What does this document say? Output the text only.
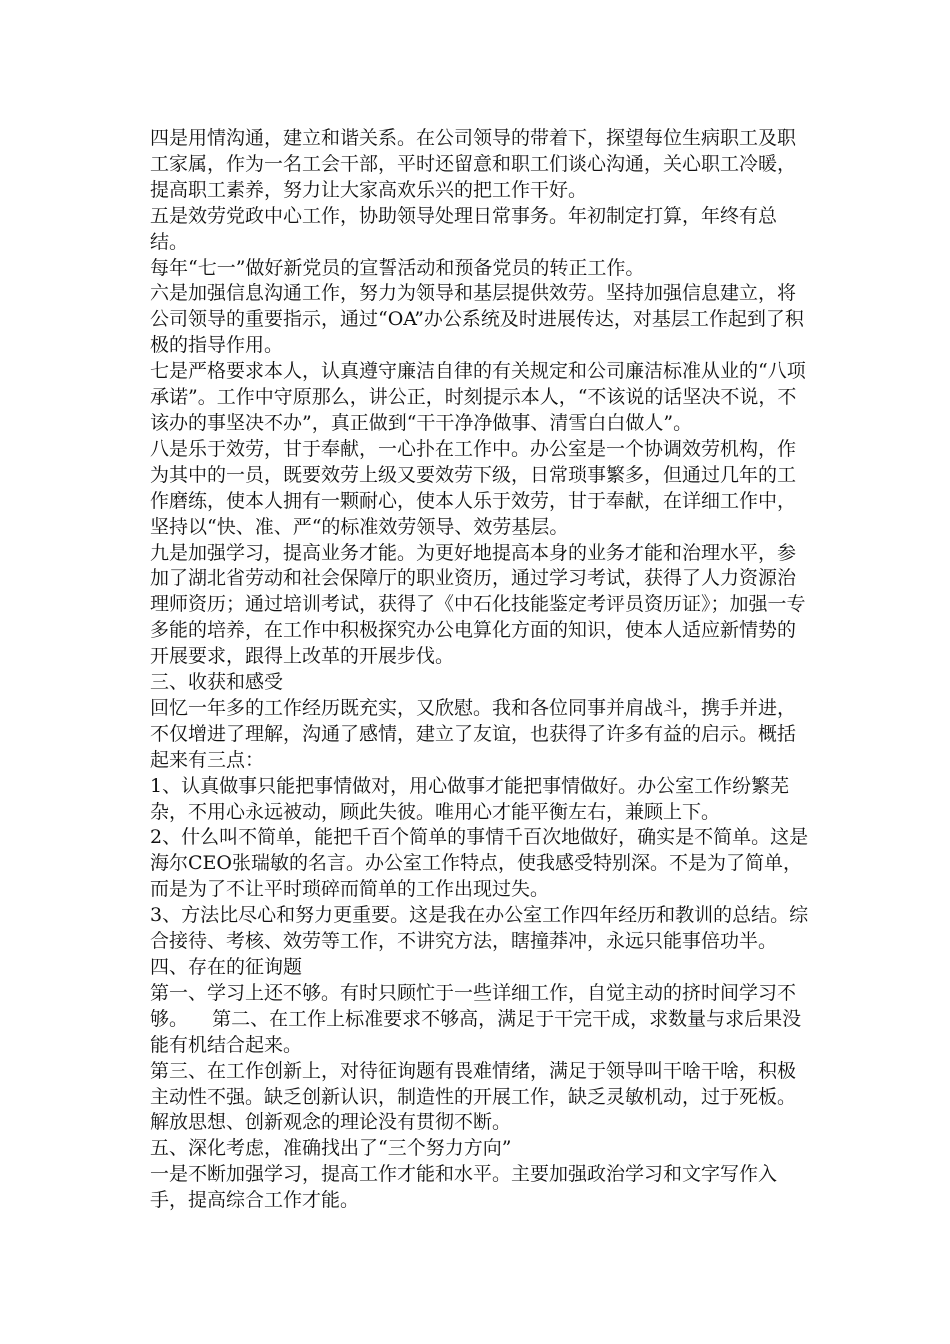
四是用情沟通，建立和谐关系。在公司领导的带着下，探望每位生病职工及职工家属，作为一名工会干部，平时还留意和职工们谈心沟通，关心职工冷暖，提高职工素养，努力让大家高欢乐兴的把工作干好。

五是效劳党政中心工作，协助领导处理日常事务。年初制定打算，年终有总结。

每年“七一”做好新党员的宣誓活动和预备党员的转正工作。

六是加强信息沟通工作，努力为领导和基层提供效劳。坚持加强信息建立，将公司领导的重要指示，通过“OA”办公系统及时进展传达，对基层工作起到了积极的指导作用。

七是严格要求本人，认真遵守廉洁自律的有关规定和公司廉洁标准从业的“八项承诺”。工作中守原那么，讲公正，时刻提示本人，“不该说的话坚决不说，不该办的事坚决不办”，真正做到“干干净净做事、清雪白白做人”。

八是乐于效劳，甘于奉献，一心扑在工作中。办公室是一个协调效劳机构，作为其中的一员，既要效劳上级又要效劳下级，日常琐事繁多，但通过几年的工作磨练，使本人拥有一颗耐心，使本人乐于效劳，甘于奉献，在详细工作中，坚持以“快、准、严“的标准效劳领导、效劳基层。

九是加强学习，提高业务才能。为更好地提高本身的业务才能和治理水平，参加了湖北省劳动和社会保障厅的职业资历，通过学习考试，获得了人力资源治理师资历；通过培训考试，获得了《中石化技能鉴定考评员资历证》；加强一专多能的培养，在工作中积极探究办公电算化方面的知识，使本人适应新情势的开展要求，跟得上改革的开展步伐。

三、收获和感受

回忆一年多的工作经历既充实，又欣慰。我和各位同事并肩战斗，携手并进，不仅增进了理解，沟通了感情，建立了友谊，也获得了许多有益的启示。概括起来有三点：

1、认真做事只能把事情做对，用心做事才能把事情做好。办公室工作纷繁芜杂，不用心永远被动，顾此失彼。唯用心才能平衡左右，兼顾上下。

2、什么叫不简单，能把千百个简单的事情千百次地做好，确实是不简单。这是海尔CEO张瑞敏的名言。办公室工作特点，使我感受特别深。不是为了简单，而是为了不让平时琐碎而简单的工作出现过失。

3、方法比尽心和努力更重要。这是我在办公室工作四年经历和教训的总结。综合接待、考核、效劳等工作，不讲究方法，瞎撞莽冲，永远只能事倍功半。

四、存在的征询题

第一、学习上还不够。有时只顾忙于一些详细工作，自觉主动的挤时间学习不够。    第二、在工作上标准要求不够高，满足于干完干成，求数量与求后果没能有机结合起来。

第三、在工作创新上，对待征询题有畏难情绪，满足于领导叫干啥干啥，积极主动性不强。缺乏创新认识，制造性的开展工作，缺乏灵敏机动，过于死板。解放思想、创新观念的理论没有贯彻不断。

五、深化考虑，准确找出了“三个努力方向”

一是不断加强学习，提高工作才能和水平。主要加强政治学习和文字写作入手，提高综合工作才能。
